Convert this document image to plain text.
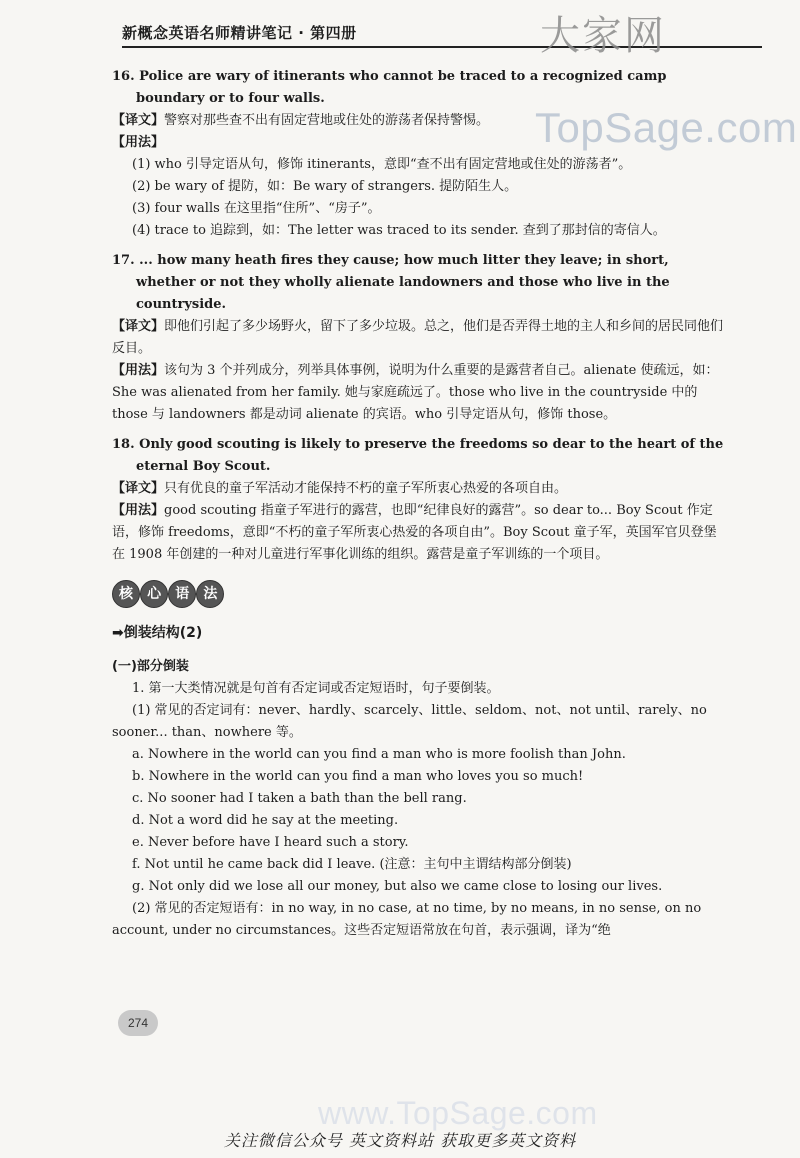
新概念英语名师精讲笔记 · 第四册	大家网
TopSage.com

16. Police are wary of itinerants who cannot be traced to a recognized camp boundary or to four walls.

【译文】警察对那些查不出有固定营地或住处的游荡者保持警惕。

【用法】

(1) who 引导定语从句，修饰 itinerants，意即“查不出有固定营地或住处的游荡者”。

(2) be wary of 提防，如：Be wary of strangers. 提防陌生人。

(3) four walls 在这里指“住所”、“房子”。

(4) trace to 追踪到，如：The letter was traced to its sender. 查到了那封信的寄信人。

17. ... how many heath fires they cause; how much litter they leave; in short, whether or not they wholly alienate landowners and those who live in the countryside.

【译文】即他们引起了多少场野火，留下了多少垃圾。总之，他们是否弄得土地的主人和乡间的居民同他们反目。

【用法】该句为 3 个并列成分，列举具体事例，说明为什么重要的是露营者自己。alienate 使疏远，如：

She was alienated from her family. 她与家庭疏远了。those who live in the countryside 中的 those 与 landowners 都是动词 alienate 的宾语。who 引导定语从句，修饰 those。

18. Only good scouting is likely to preserve the freedoms so dear to the heart of the eternal Boy Scout.

【译文】只有优良的童子军活动才能保持不朽的童子军所衷心热爱的各项自由。

【用法】good scouting 指童子军进行的露营，也即“纪律良好的露营”。so dear to... Boy Scout 作定语，修饰 freedoms，意即“不朽的童子军所衷心热爱的各项自由”。Boy Scout 童子军，英国军官贝登堡在 1908 年创建的一种对儿童进行军事化训练的组织。露营是童子军训练的一个项目。

核 心 语 法
➡倒装结构(2)
(一)部分倒装

1. 第一大类情况就是句首有否定词或否定短语时，句子要倒装。

(1) 常见的否定词有：never、hardly、scarcely、little、seldom、not、not until、rarely、no sooner... than、nowhere 等。

a. Nowhere in the world can you find a man who is more foolish than John.

b. Nowhere in the world can you find a man who loves you so much!

c. No sooner had I taken a bath than the bell rang.

d. Not a word did he say at the meeting.

e. Never before have I heard such a story.

f. Not until he came back did I leave. (注意：主句中主谓结构部分倒装)

g. Not only did we lose all our money, but also we came close to losing our lives.

(2) 常见的否定短语有：in no way, in no case, at no time, by no means, in no sense, on no account, under no circumstances。这些否定短语常放在句首，表示强调，译为“绝

274
www.TopSage.com
关注微信公众号 英文资料站 获取更多英文资料
